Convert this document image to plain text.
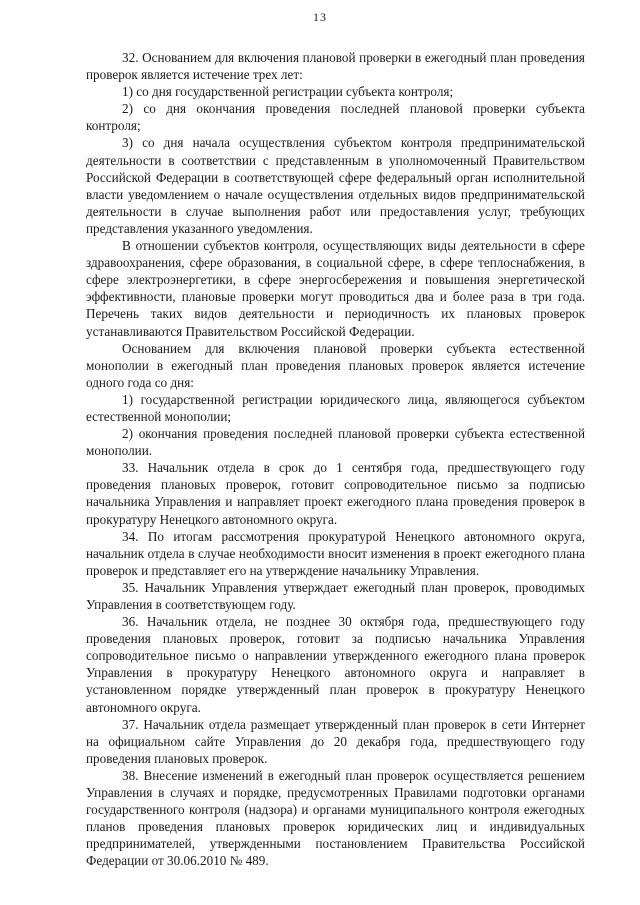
13

32. Основанием для включения плановой проверки в ежегодный план проведения проверок является истечение трех лет:

1) со дня государственной регистрации субъекта контроля;

2) со дня окончания проведения последней плановой проверки субъекта контроля;

3) со дня начала осуществления субъектом контроля предпринимательской деятельности в соответствии с представленным в уполномоченный Правительством Российской Федерации в соответствующей сфере федеральный орган исполнительной власти уведомлением о начале осуществления отдельных видов предпринимательской деятельности в случае выполнения работ или предоставления услуг, требующих представления указанного уведомления.

В отношении субъектов контроля, осуществляющих виды деятельности в сфере здравоохранения, сфере образования, в социальной сфере, в сфере теплоснабжения, в сфере электроэнергетики, в сфере энергосбережения и повышения энергетической эффективности, плановые проверки могут проводиться два и более раза в три года. Перечень таких видов деятельности и периодичность их плановых проверок устанавливаются Правительством Российской Федерации.

Основанием для включения плановой проверки субъекта естественной монополии в ежегодный план проведения плановых проверок является истечение одного года со дня:

1) государственной регистрации юридического лица, являющегося субъектом естественной монополии;

2) окончания проведения последней плановой проверки субъекта естественной монополии.

33. Начальник отдела в срок до 1 сентября года, предшествующего году проведения плановых проверок, готовит сопроводительное письмо за подписью начальника Управления и направляет проект ежегодного плана проведения проверок в прокуратуру Ненецкого автономного округа.

34. По итогам рассмотрения прокуратурой Ненецкого автономного округа, начальник отдела в случае необходимости вносит изменения в проект ежегодного плана проверок и представляет его на утверждение начальнику Управления.

35. Начальник Управления утверждает ежегодный план проверок, проводимых Управления в соответствующем году.

36. Начальник отдела, не позднее 30 октября года, предшествующего году проведения плановых проверок, готовит за подписью начальника Управления сопроводительное письмо о направлении утвержденного ежегодного плана проверок Управления в прокуратуру Ненецкого автономного округа и направляет в установленном порядке утвержденный план проверок в прокуратуру Ненецкого автономного округа.

37. Начальник отдела размещает утвержденный план проверок в сети Интернет на официальном сайте Управления до 20 декабря года, предшествующего году проведения плановых проверок.

38. Внесение изменений в ежегодный план проверок осуществляется решением Управления в случаях и порядке, предусмотренных Правилами подготовки органами государственного контроля (надзора) и органами муниципального контроля ежегодных планов проведения плановых проверок юридических лиц и индивидуальных предпринимателей, утвержденными постановлением Правительства Российской Федерации от 30.06.2010 № 489.
